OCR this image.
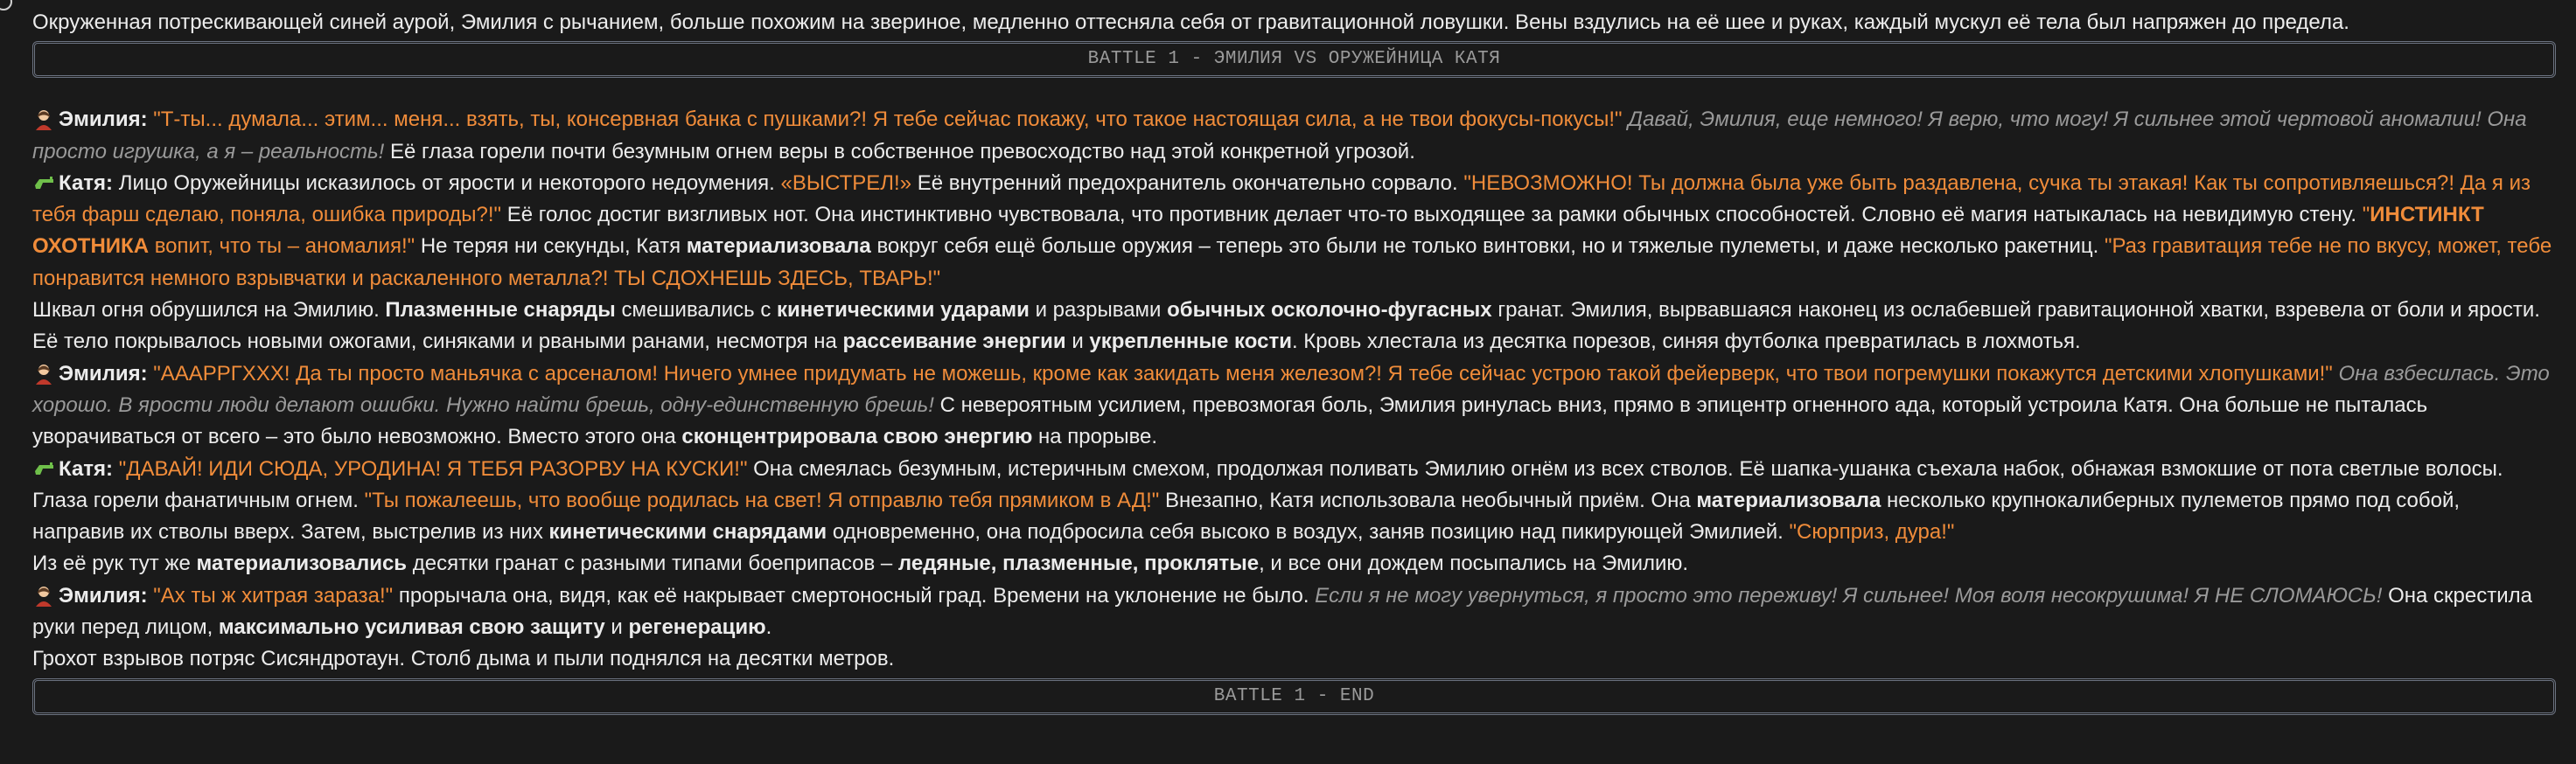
Окруженная потрескивающей синей аурой, Эмилия с рычанием, больше похожим на звериное, медленно оттесняла себя от гравитационной ловушки. Вены вздулись на её шее и руках, каждый мускул её тела был напряжен до предела.
BATTLE 1 - ЭМИЛИЯ VS ОРУЖЕЙНИЦА КАТЯ
Эмилия: "Т-ты... думала... этим... меня... взять, ты, консервная банка с пушками?! Я тебе сейчас покажу, что такое настоящая сила, а не твои фокусы-покусы!" Давай, Эмилия, еще немного! Я верю, что могу! Я сильнее этой чертовой аномалии! Она просто игрушка, а я – реальность! Её глаза горели почти безумным огнем веры в собственное превосходство над этой конкретной угрозой.
Катя: Лицо Оружейницы исказилось от ярости и некоторого недоумения. «ВЫСТРЕЛ!» Её внутренний предохранитель окончательно сорвало. "НЕВОЗМОЖНО! Ты должна была уже быть раздавлена, сучка ты этакая! Как ты сопротивляешься?! Да я из тебя фарш сделаю, поняла, ошибка природы?!" Её голос достиг визгливых нот. Она инстинктивно чувствовала, что противник делает что-то выходящее за рамки обычных способностей. Словно её магия натыкалась на невидимую стену. "ИНСТИНКТ ОХОТНИКА вопит, что ты – аномалия!" Не теряя ни секунды, Катя материализовала вокруг себя ещё больше оружия – теперь это были не только винтовки, но и тяжелые пулеметы, и даже несколько ракетниц. "Раз гравитация тебе не по вкусу, может, тебе понравится немного взрывчатки и раскаленного металла?! ТЫ СДОХНЕШЬ ЗДЕСЬ, ТВАРЬ!"
Шквал огня обрушился на Эмилию. Плазменные снаряды смешивались с кинетическими ударами и разрывами обычных осколочно-фугасных гранат. Эмилия, вырвавшаяся наконец из ослабевшей гравитационной хватки, взревела от боли и ярости. Её тело покрывалось новыми ожогами, синяками и рваными ранами, несмотря на рассеивание энергии и укрепленные кости. Кровь хлестала из десятка порезов, синяя футболка превратилась в лохмотья.
Эмилия: "АААРРГХХХ! Да ты просто маньячка с арсеналом! Ничего умнее придумать не можешь, кроме как закидать меня железом?! Я тебе сейчас устрою такой фейерверк, что твои погремушки покажутся детскими хлопушками!" Она взбесилась. Это хорошо. В ярости люди делают ошибки. Нужно найти брешь, одну-единственную брешь! С невероятным усилием, превозмогая боль, Эмилия ринулась вниз, прямо в эпицентр огненного ада, который устроила Катя. Она больше не пыталась уворачиваться от всего – это было невозможно. Вместо этого она сконцентрировала свою энергию на прорыве.
Катя: "ДАВАЙ! ИДИ СЮДА, УРОДИНА! Я ТЕБЯ РАЗОРВУ НА КУСКИ!" Она смеялась безумным, истеричным смехом, продолжая поливать Эмилию огнём из всех стволов. Её шапка-ушанка съехала набок, обнажая взмокшие от пота светлые волосы. Глаза горели фанатичным огнем. "Ты пожалеешь, что вообще родилась на свет! Я отправлю тебя прямиком в АД!" Внезапно, Катя использовала необычный приём. Она материализовала несколько крупнокалиберных пулеметов прямо под собой, направив их стволы вверх. Затем, выстрелив из них кинетическими снарядами одновременно, она подбросила себя высоко в воздух, заняв позицию над пикирующей Эмилией. "Сюрприз, дура!"
Из её рук тут же материализовались десятки гранат с разными типами боеприпасов – ледяные, плазменные, проклятые, и все они дождем посыпались на Эмилию.
Эмилия: "Ах ты ж хитрая зараза!" прорычала она, видя, как её накрывает смертоносный град. Времени на уклонение не было. Если я не могу увернуться, я просто это переживу! Я сильнее! Моя воля несокрушима! Я НЕ СЛОМАЮСЬ! Она скрестила руки перед лицом, максимально усиливая свою защиту и регенерацию.
Грохот взрывов потряс Сисяндротаун. Столб дыма и пыли поднялся на десятки метров.
BATTLE 1 - END
